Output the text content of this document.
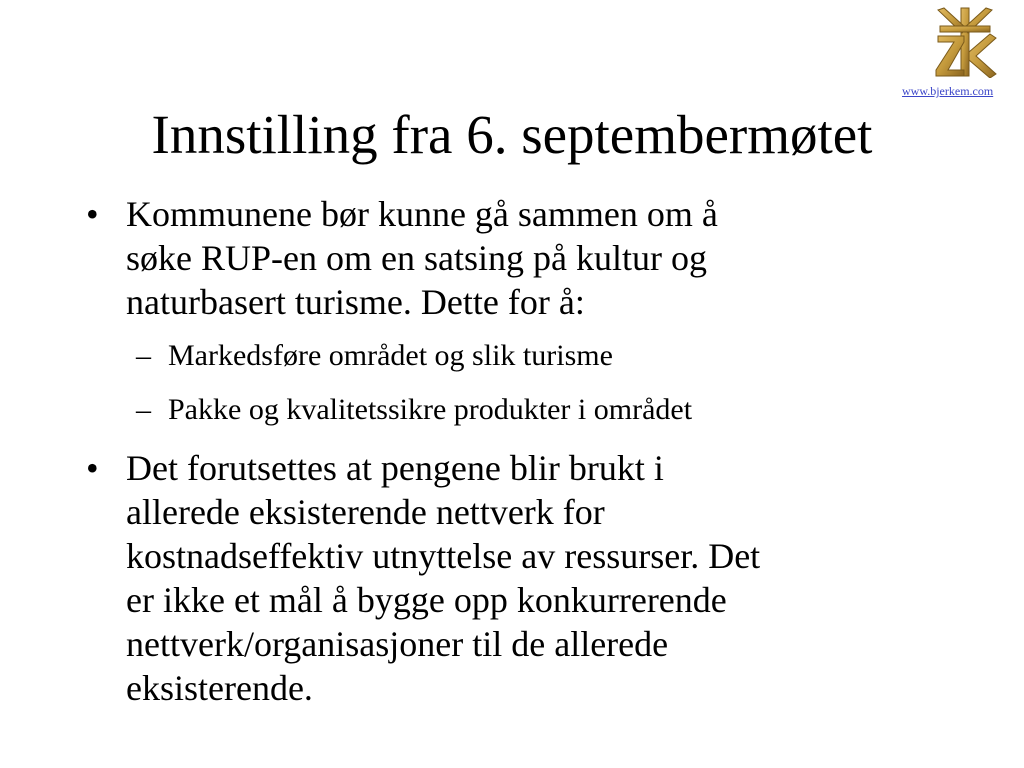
www.bjerkem.com
Innstilling fra 6. septembermøtet
• Kommunene bør kunne gå sammen om å
søke RUP-en om en satsing på kultur og
naturbasert turisme. Dette for å:
– Markedsføre området og slik turisme
– Pakke og kvalitetssikre produkter i området
• Det forutsettes at pengene blir brukt i
allerede eksisterende nettverk for
kostnadseffektiv utnyttelse av ressurser. Det
er ikke et mål å bygge opp konkurrerende
nettverk/organisasjoner til de allerede
eksisterende.
